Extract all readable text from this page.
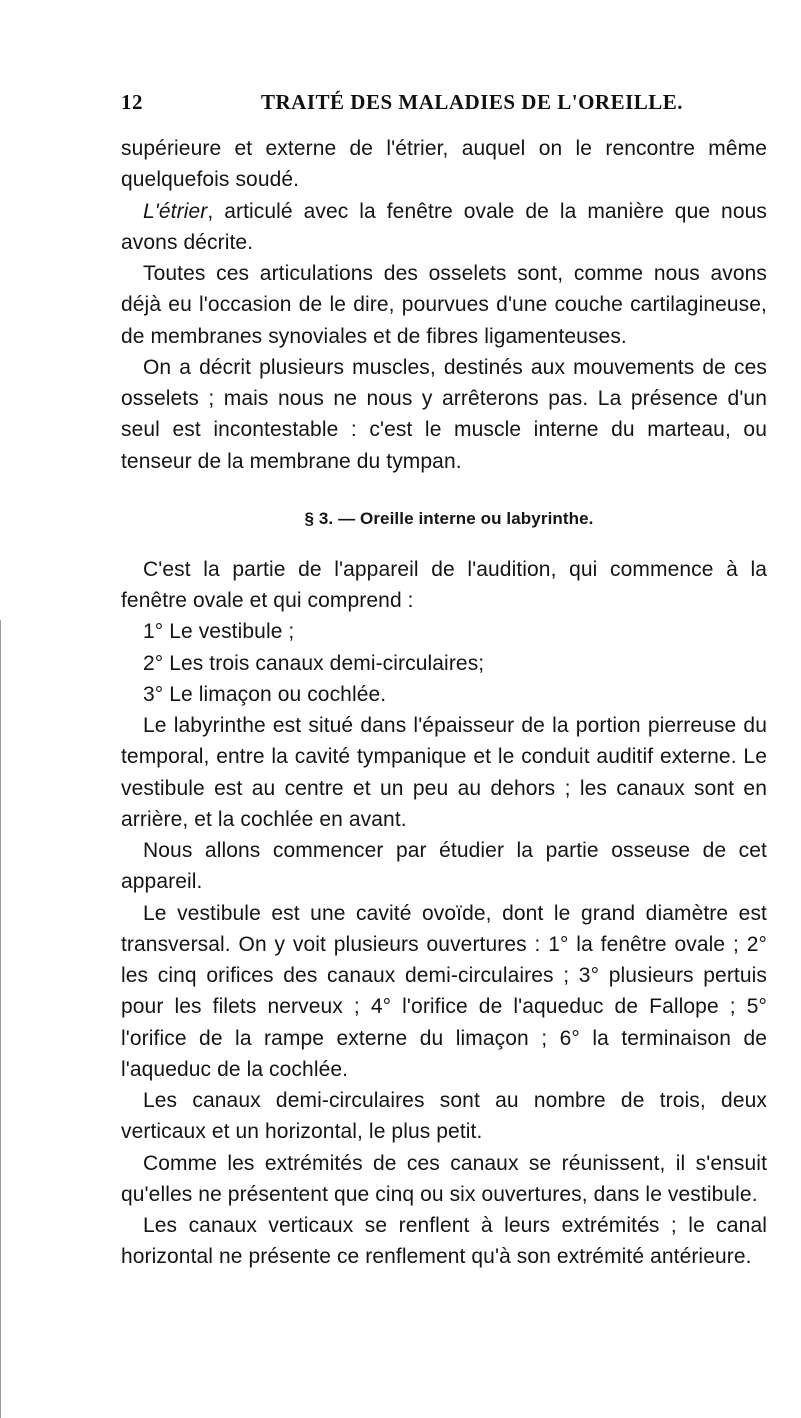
12	TRAITÉ DES MALADIES DE L'OREILLE.

supérieure et externe de l'étrier, auquel on le rencontre même quelquefois soudé.

L'étrier, articulé avec la fenêtre ovale de la manière que nous avons décrite.

Toutes ces articulations des osselets sont, comme nous avons déjà eu l'occasion de le dire, pourvues d'une couche cartilagineuse, de membranes synoviales et de fibres ligamenteuses.

On a décrit plusieurs muscles, destinés aux mouvements de ces osselets ; mais nous ne nous y arrêterons pas. La présence d'un seul est incontestable : c'est le muscle interne du marteau, ou tenseur de la membrane du tympan.

§ 3. — Oreille interne ou labyrinthe.

C'est la partie de l'appareil de l'audition, qui commence à la fenêtre ovale et qui comprend :

1° Le vestibule ;

2° Les trois canaux demi-circulaires;

3° Le limaçon ou cochlée.

Le labyrinthe est situé dans l'épaisseur de la portion pierreuse du temporal, entre la cavité tympanique et le conduit auditif externe. Le vestibule est au centre et un peu au dehors ; les canaux sont en arrière, et la cochlée en avant.

Nous allons commencer par étudier la partie osseuse de cet appareil.

Le vestibule est une cavité ovoïde, dont le grand diamètre est transversal. On y voit plusieurs ouvertures : 1° la fenêtre ovale ; 2° les cinq orifices des canaux demi-circulaires ; 3° plusieurs pertuis pour les filets nerveux ; 4° l'orifice de l'aqueduc de Fallope ; 5° l'orifice de la rampe externe du limaçon ; 6° la terminaison de l'aqueduc de la cochlée.

Les canaux demi-circulaires sont au nombre de trois, deux verticaux et un horizontal, le plus petit.

Comme les extrémités de ces canaux se réunissent, il s'ensuit qu'elles ne présentent que cinq ou six ouvertures, dans le vestibule.

Les canaux verticaux se renflent à leurs extrémités ; le canal horizontal ne présente ce renflement qu'à son extrémité antérieure.
